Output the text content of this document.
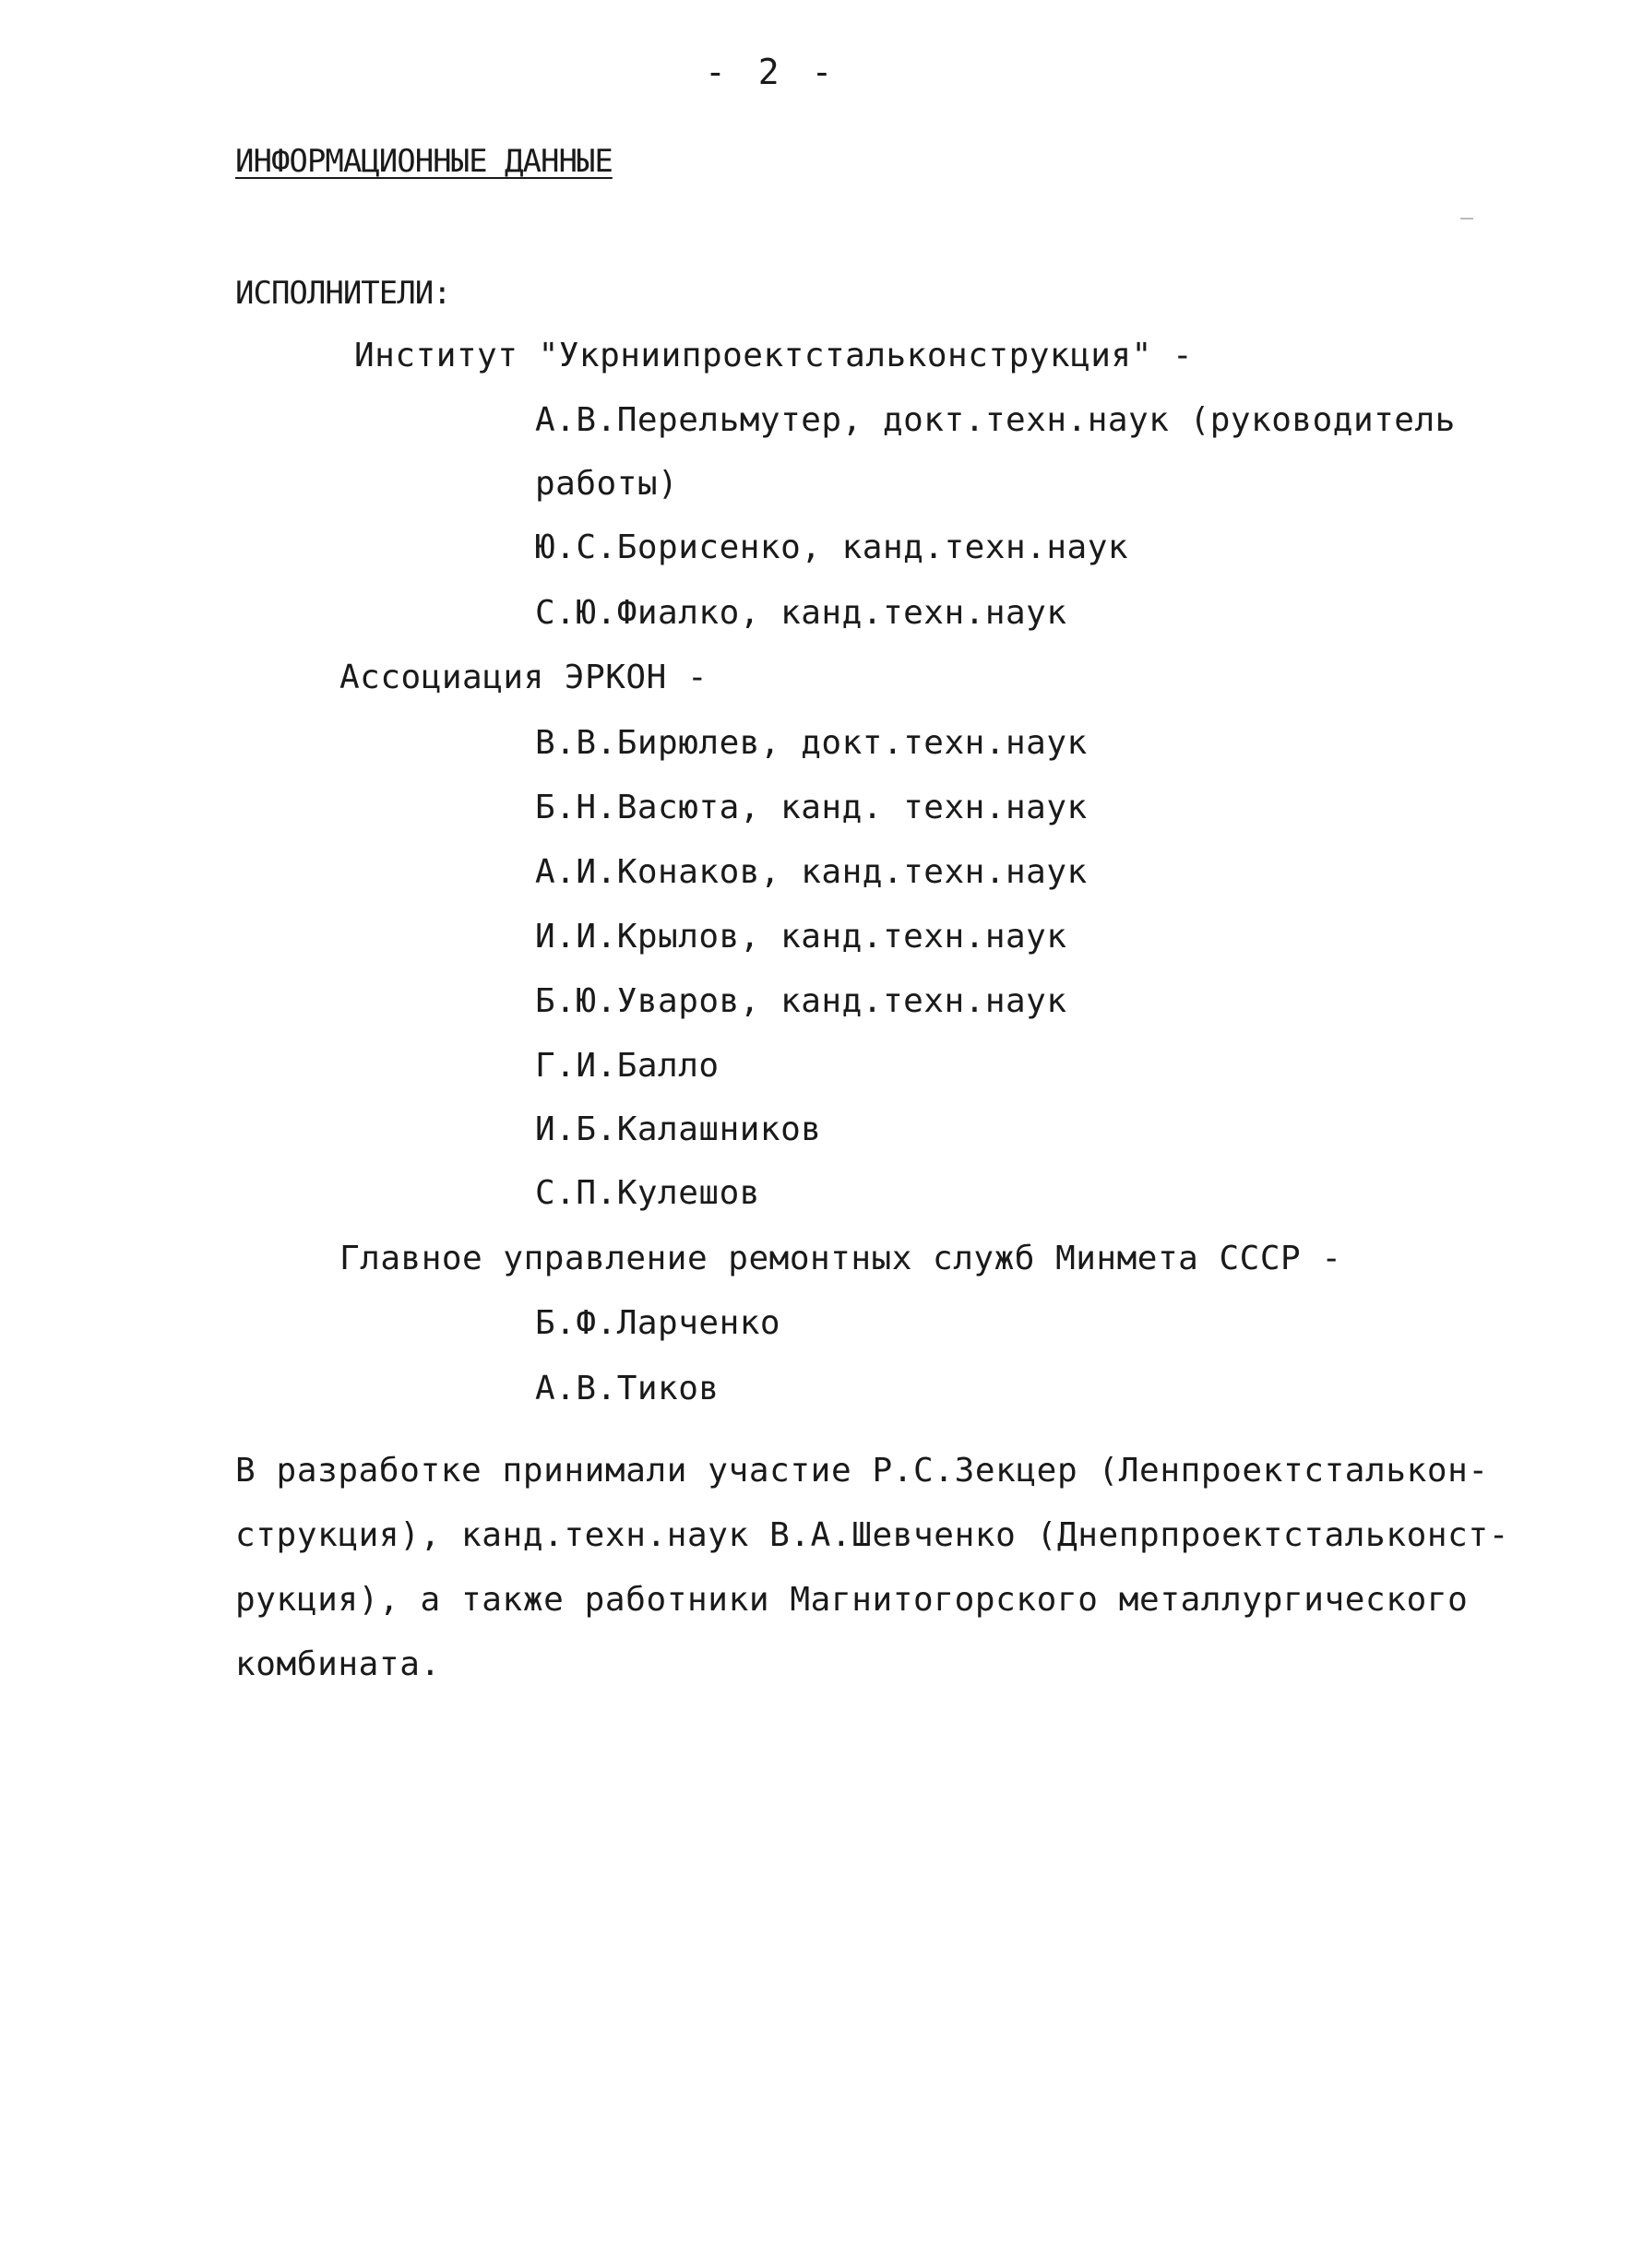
- 2 -
ИНФОРМАЦИОННЫЕ ДАННЫЕ
ИСПОЛНИТЕЛИ:
Институт "Укрниипроектстальконструкция" -
А.В.Перельмутер, докт.техн.наук (руководитель
работы)
Ю.С.Борисенко, канд.техн.наук
С.Ю.Фиалко, канд.техн.наук
Ассоциация ЭРКОН -
В.В.Бирюлев, докт.техн.наук
Б.Н.Васюта, канд. техн.наук
А.И.Конаков, канд.техн.наук
И.И.Крылов, канд.техн.наук
Б.Ю.Уваров, канд.техн.наук
Г.И.Балло
И.Б.Калашников
С.П.Кулешов
Главное управление ремонтных служб Минмета СССР -
Б.Ф.Ларченко
А.В.Тиков
В разработке принимали участие Р.С.Зекцер (Ленпроектсталькон-
струкция), канд.техн.наук В.А.Шевченко (Днепрпроектстальконст-
рукция), а также работники Магнитогорского металлургического
комбината.
